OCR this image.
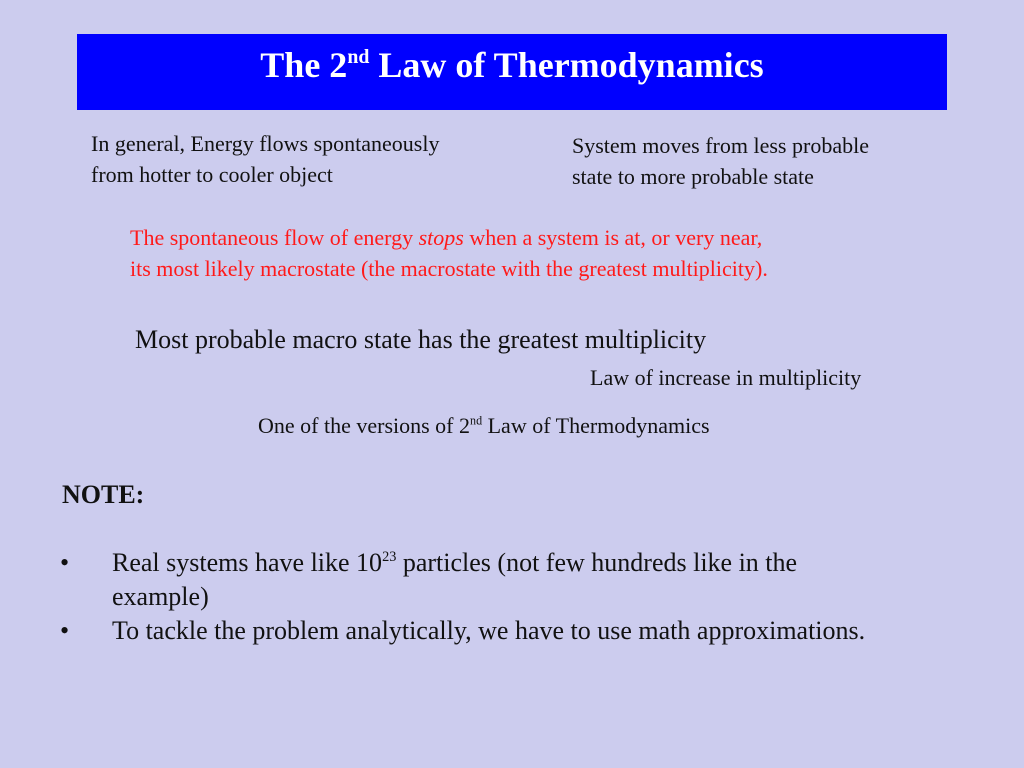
The 2nd Law of Thermodynamics
In general, Energy flows spontaneously
from hotter to cooler object
System moves from less probable
state to more probable state
The spontaneous flow of energy stops when a system is at, or very near,
its most likely macrostate (the macrostate with the greatest multiplicity).
Most probable macro state has the greatest multiplicity
Law of increase in multiplicity
One of the versions of 2nd Law of Thermodynamics
NOTE:
•	Real systems have like $10^{23}$ particles (not few hundreds like in the
example)
•	To tackle the problem analytically, we have to use math approximations.
